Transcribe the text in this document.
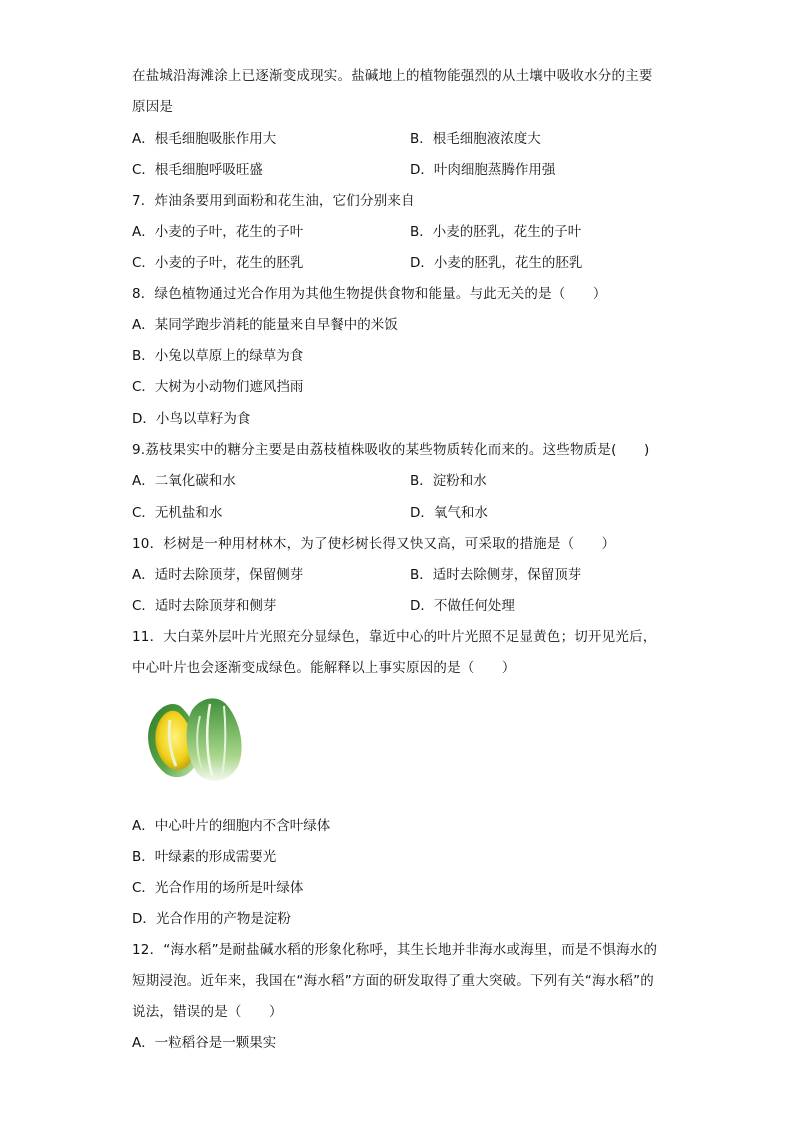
在盐城沿海滩涂上已逐渐变成现实。盐碱地上的植物能强烈的从土壤中吸收水分的主要
原因是
A．根毛细胞吸胀作用大	B．根毛细胞液浓度大
C．根毛细胞呼吸旺盛	D．叶肉细胞蒸腾作用强
7．炸油条要用到面粉和花生油，它们分别来自
A．小麦的子叶，花生的子叶	B．小麦的胚乳，花生的子叶
C．小麦的子叶，花生的胚乳	D．小麦的胚乳，花生的胚乳
8．绿色植物通过光合作用为其他生物提供食物和能量。与此无关的是（　　）
A．某同学跑步消耗的能量来自早餐中的米饭
B．小兔以草原上的绿草为食
C．大树为小动物们遮风挡雨
D．小鸟以草籽为食
9.荔枝果实中的糖分主要是由荔枝植株吸收的某些物质转化而来的。这些物质是(　　)
A．二氧化碳和水	B．淀粉和水
C．无机盐和水	D．氧气和水
10．杉树是一种用材林木，为了使杉树长得又快又高，可采取的措施是（　　）
A．适时去除顶芽，保留侧芽	B．适时去除侧芽，保留顶芽
C．适时去除顶芽和侧芽	D．不做任何处理
11．大白菜外层叶片光照充分显绿色，靠近中心的叶片光照不足显黄色；切开见光后，
中心叶片也会逐渐变成绿色。能解释以上事实原因的是（　　）
A．中心叶片的细胞内不含叶绿体
B．叶绿素的形成需要光
C．光合作用的场所是叶绿体
D．光合作用的产物是淀粉
12．“海水稻”是耐盐碱水稻的形象化称呼，其生长地并非海水或海里，而是不惧海水的
短期浸泡。近年来，我国在“海水稻”方面的研发取得了重大突破。下列有关“海水稻”的
说法，错误的是（　　）
A．一粒稻谷是一颗果实
